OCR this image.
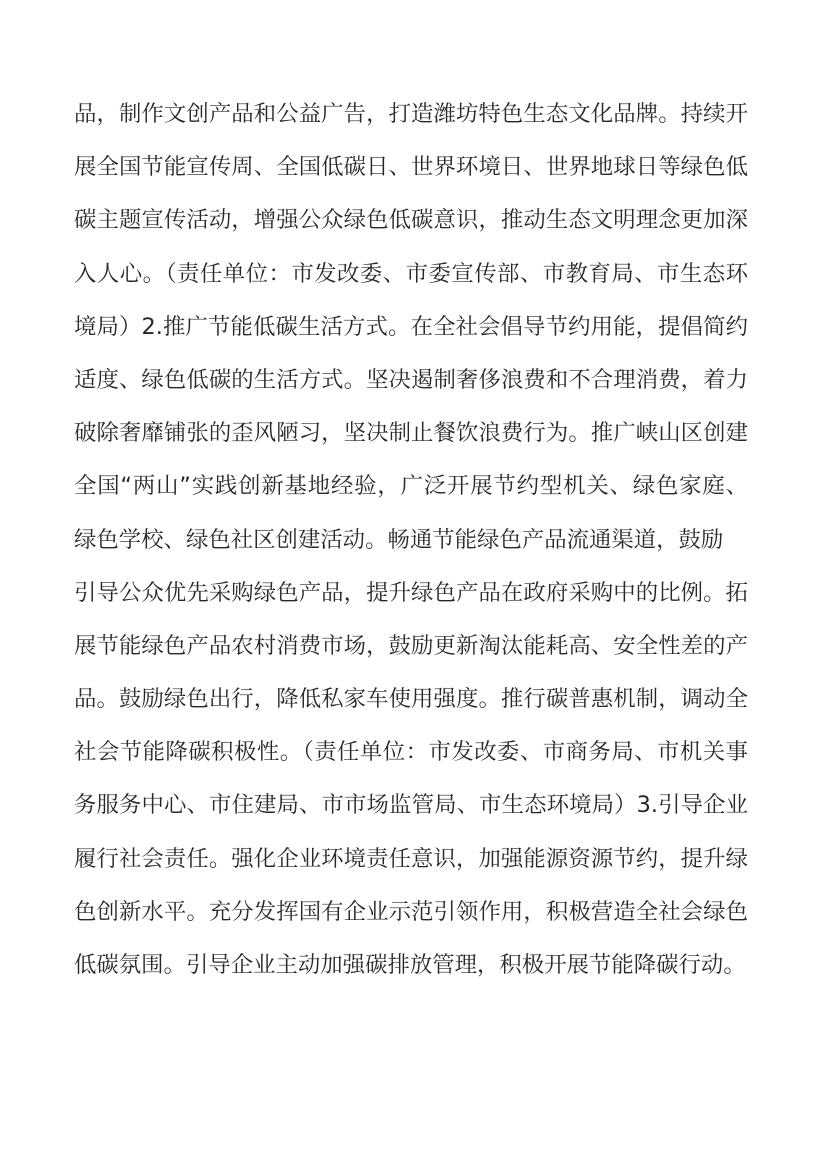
品，制作文创产品和公益广告，打造潍坊特色生态文化品牌。持续开
展全国节能宣传周、全国低碳日、世界环境日、世界地球日等绿色低
碳主题宣传活动，增强公众绿色低碳意识，推动生态文明理念更加深
入人心。（责任单位：市发改委、市委宣传部、市教育局、市生态环
境局）2.推广节能低碳生活方式。在全社会倡导节约用能，提倡简约
适度、绿色低碳的生活方式。坚决遏制奢侈浪费和不合理消费，着力
破除奢靡铺张的歪风陋习，坚决制止餐饮浪费行为。推广峡山区创建
全国“两山”实践创新基地经验，广泛开展节约型机关、绿色家庭、
绿色学校、绿色社区创建活动。畅通节能绿色产品流通渠道，鼓励
引导公众优先采购绿色产品，提升绿色产品在政府采购中的比例。拓
展节能绿色产品农村消费市场，鼓励更新淘汰能耗高、安全性差的产
品。鼓励绿色出行，降低私家车使用强度。推行碳普惠机制，调动全
社会节能降碳积极性。（责任单位：市发改委、市商务局、市机关事
务服务中心、市住建局、市市场监管局、市生态环境局）3.引导企业
履行社会责任。强化企业环境责任意识，加强能源资源节约，提升绿
色创新水平。充分发挥国有企业示范引领作用，积极营造全社会绿色
低碳氛围。引导企业主动加强碳排放管理，积极开展节能降碳行动。
